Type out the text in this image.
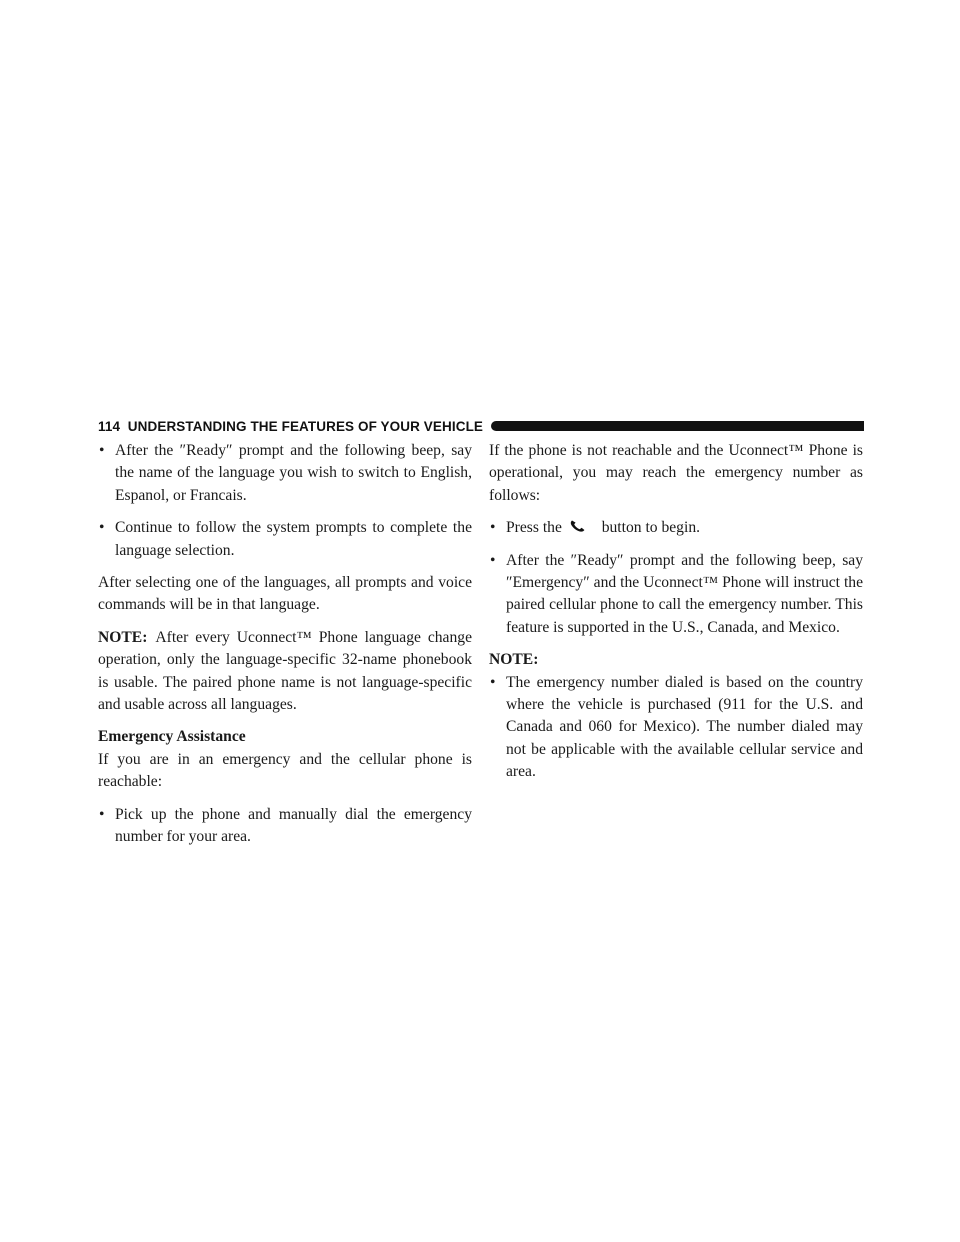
114 UNDERSTANDING THE FEATURES OF YOUR VEHICLE
• After the ″Ready″ prompt and the following beep, say the name of the language you wish to switch to English, Espanol, or Francais.
• Continue to follow the system prompts to complete the language selection.

After selecting one of the languages, all prompts and voice commands will be in that language.

NOTE: After every Uconnect™ Phone language change operation, only the language-specific 32-name phonebook is usable. The paired phone name is not language-specific and usable across all languages.

Emergency Assistance

If you are in an emergency and the cellular phone is reachable:

• Pick up the phone and manually dial the emergency number for your area.

If the phone is not reachable and the Uconnect™ Phone is operational, you may reach the emergency number as follows:

• Press the	button to begin.
• After the ″Ready″ prompt and the following beep, say ″Emergency″ and the Uconnect™ Phone will instruct the paired cellular phone to call the emergency number. This feature is supported in the U.S., Canada, and Mexico.

NOTE:

• The emergency number dialed is based on the country where the vehicle is purchased (911 for the U.S. and Canada and 060 for Mexico). The number dialed may not be applicable with the available cellular service and area.
